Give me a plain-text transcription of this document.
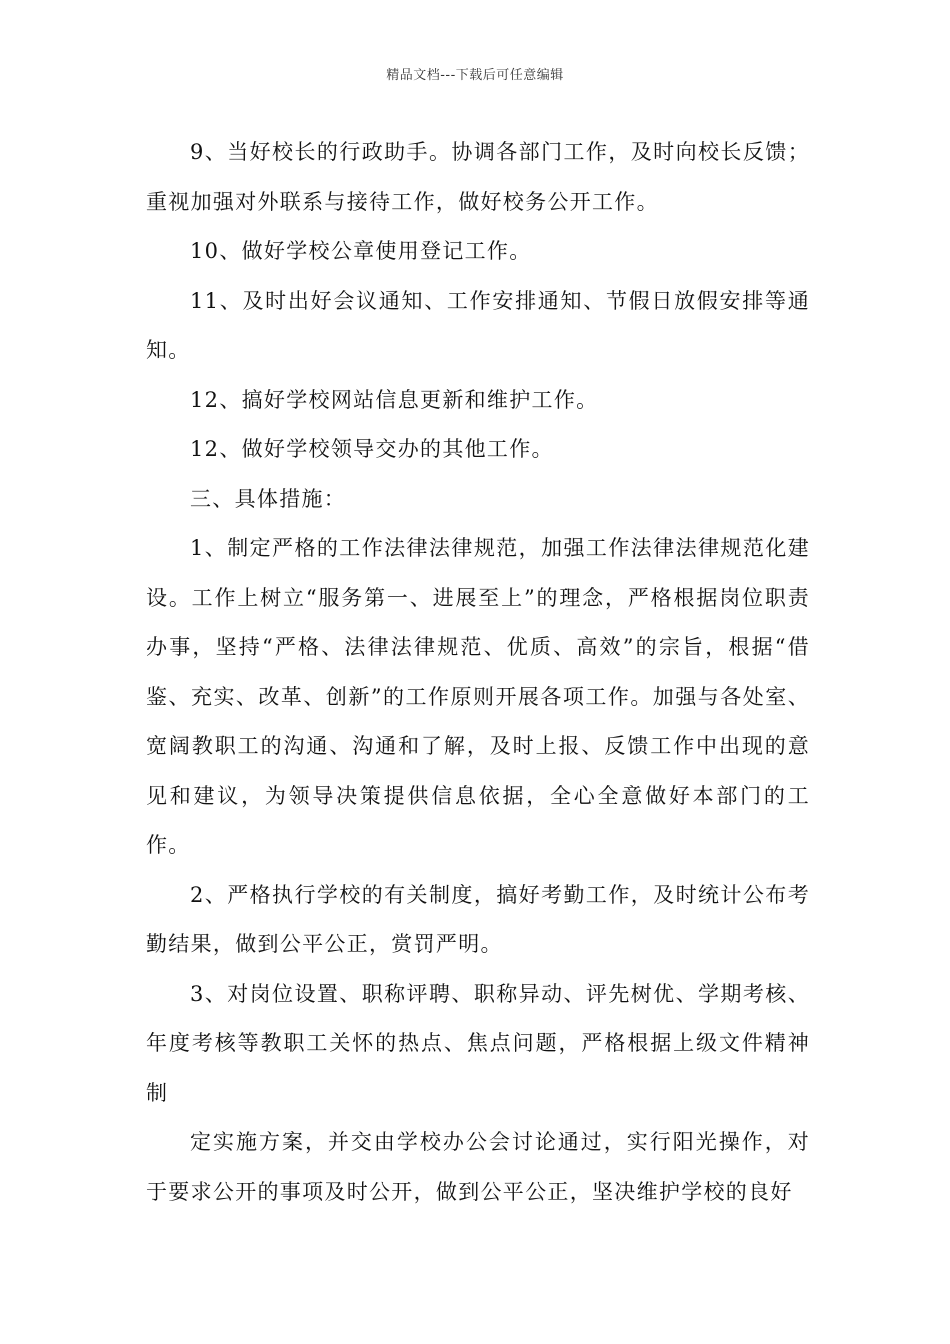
精品文档---下载后可任意编辑

9、当好校长的行政助手。协调各部门工作，及时向校长反馈；重视加强对外联系与接待工作，做好校务公开工作。

10、做好学校公章使用登记工作。

11、及时出好会议通知、工作安排通知、节假日放假安排等通知。

12、搞好学校网站信息更新和维护工作。

12、做好学校领导交办的其他工作。

三、具体措施：

1、制定严格的工作法律法律规范，加强工作法律法律规范化建设。工作上树立“服务第一、进展至上”的理念，严格根据岗位职责办事，坚持“严格、法律法律规范、优质、高效”的宗旨，根据“借鉴、充实、改革、创新”的工作原则开展各项工作。加强与各处室、宽阔教职工的沟通、沟通和了解，及时上报、反馈工作中出现的意见和建议，为领导决策提供信息依据，全心全意做好本部门的工作。

2、严格执行学校的有关制度，搞好考勤工作，及时统计公布考勤结果，做到公平公正，赏罚严明。

3、对岗位设置、职称评聘、职称异动、评先树优、学期考核、年度考核等教职工关怀的热点、焦点问题，严格根据上级文件精神制

定实施方案，并交由学校办公会讨论通过，实行阳光操作，对于要求公开的事项及时公开，做到公平公正，坚决维护学校的良好
